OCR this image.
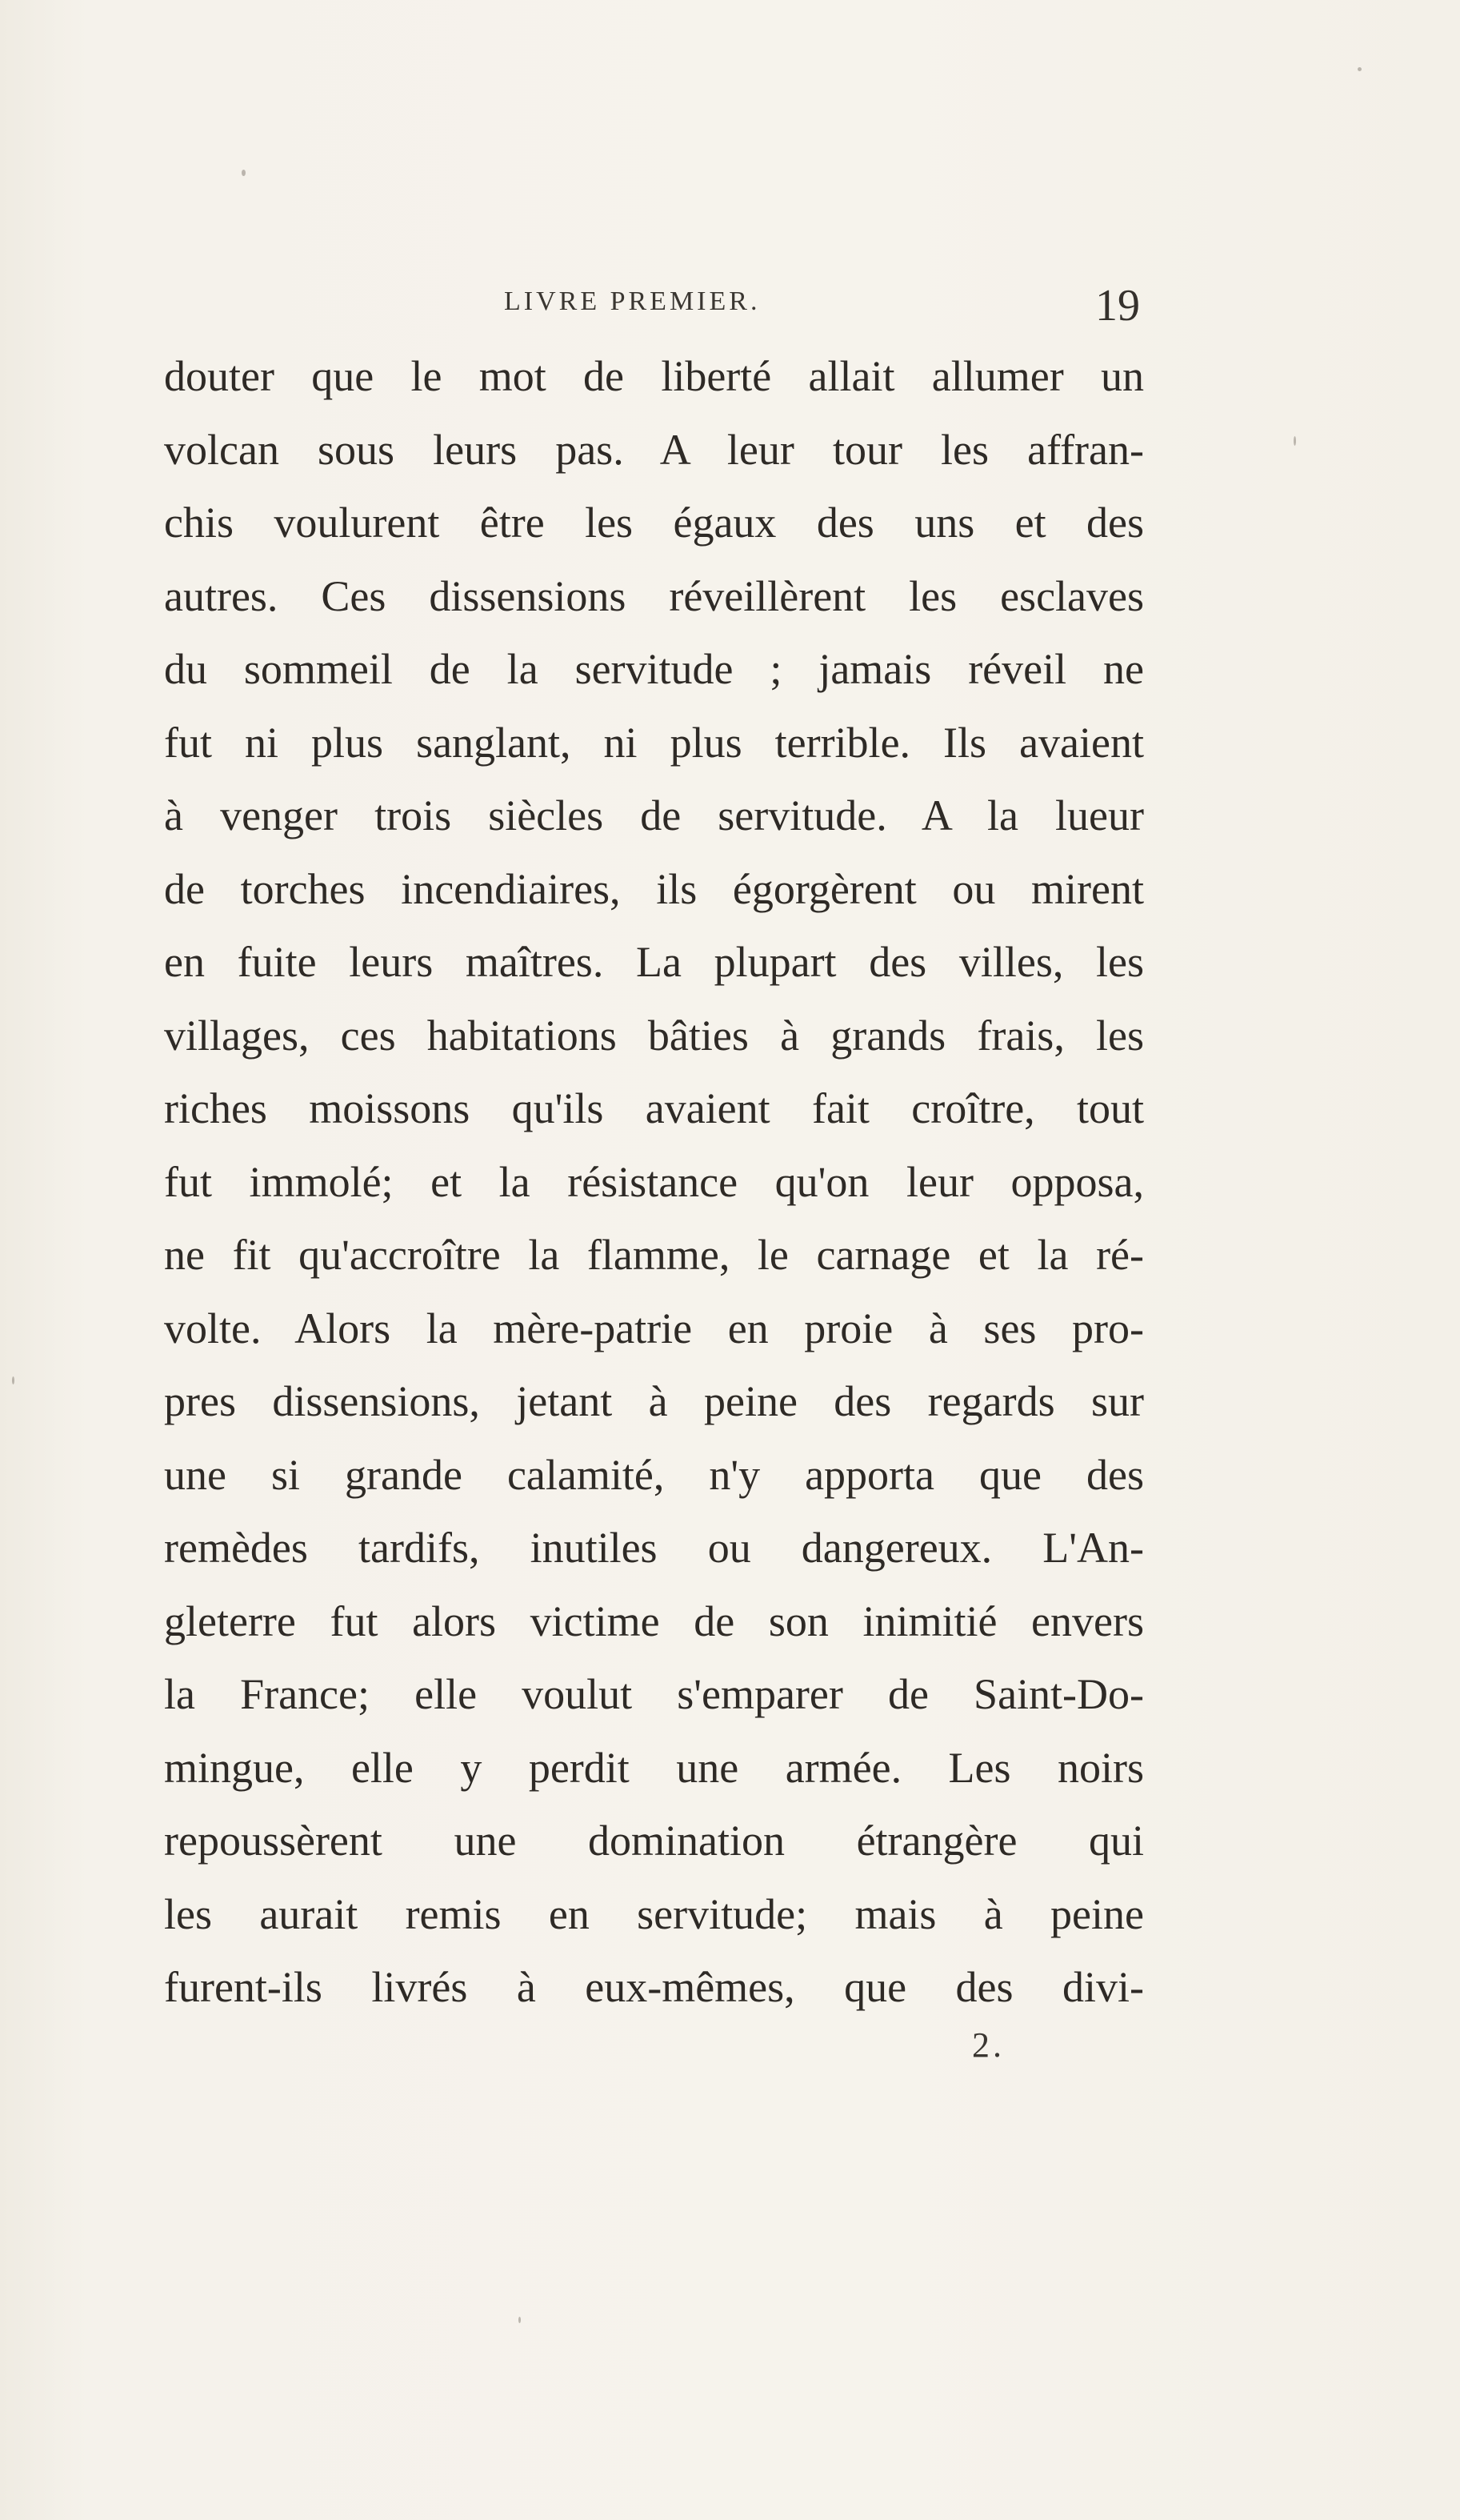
LIVRE PREMIER.	19
douter que le mot de liberté allait allumer un
volcan sous leurs pas. A leur tour les affran-
chis voulurent être les égaux des uns et des
autres. Ces dissensions réveillèrent les esclaves
du sommeil de la servitude ; jamais réveil ne
fut ni plus sanglant, ni plus terrible. Ils avaient
à venger trois siècles de servitude. A la lueur
de torches incendiaires, ils égorgèrent ou mirent
en fuite leurs maîtres. La plupart des villes, les
villages, ces habitations bâties à grands frais, les
riches moissons qu'ils avaient fait croître, tout
fut immolé; et la résistance qu'on leur opposa,
ne fit qu'accroître la flamme, le carnage et la ré-
volte. Alors la mère-patrie en proie à ses pro-
pres dissensions, jetant à peine des regards sur
une si grande calamité, n'y apporta que des
remèdes tardifs, inutiles ou dangereux. L'An-
gleterre fut alors victime de son inimitié envers
la France; elle voulut s'emparer de Saint-Do-
mingue, elle y perdit une armée. Les noirs
repoussèrent une domination étrangère qui
les aurait remis en servitude; mais à peine
furent-ils livrés à eux-mêmes, que des divi-
2.
